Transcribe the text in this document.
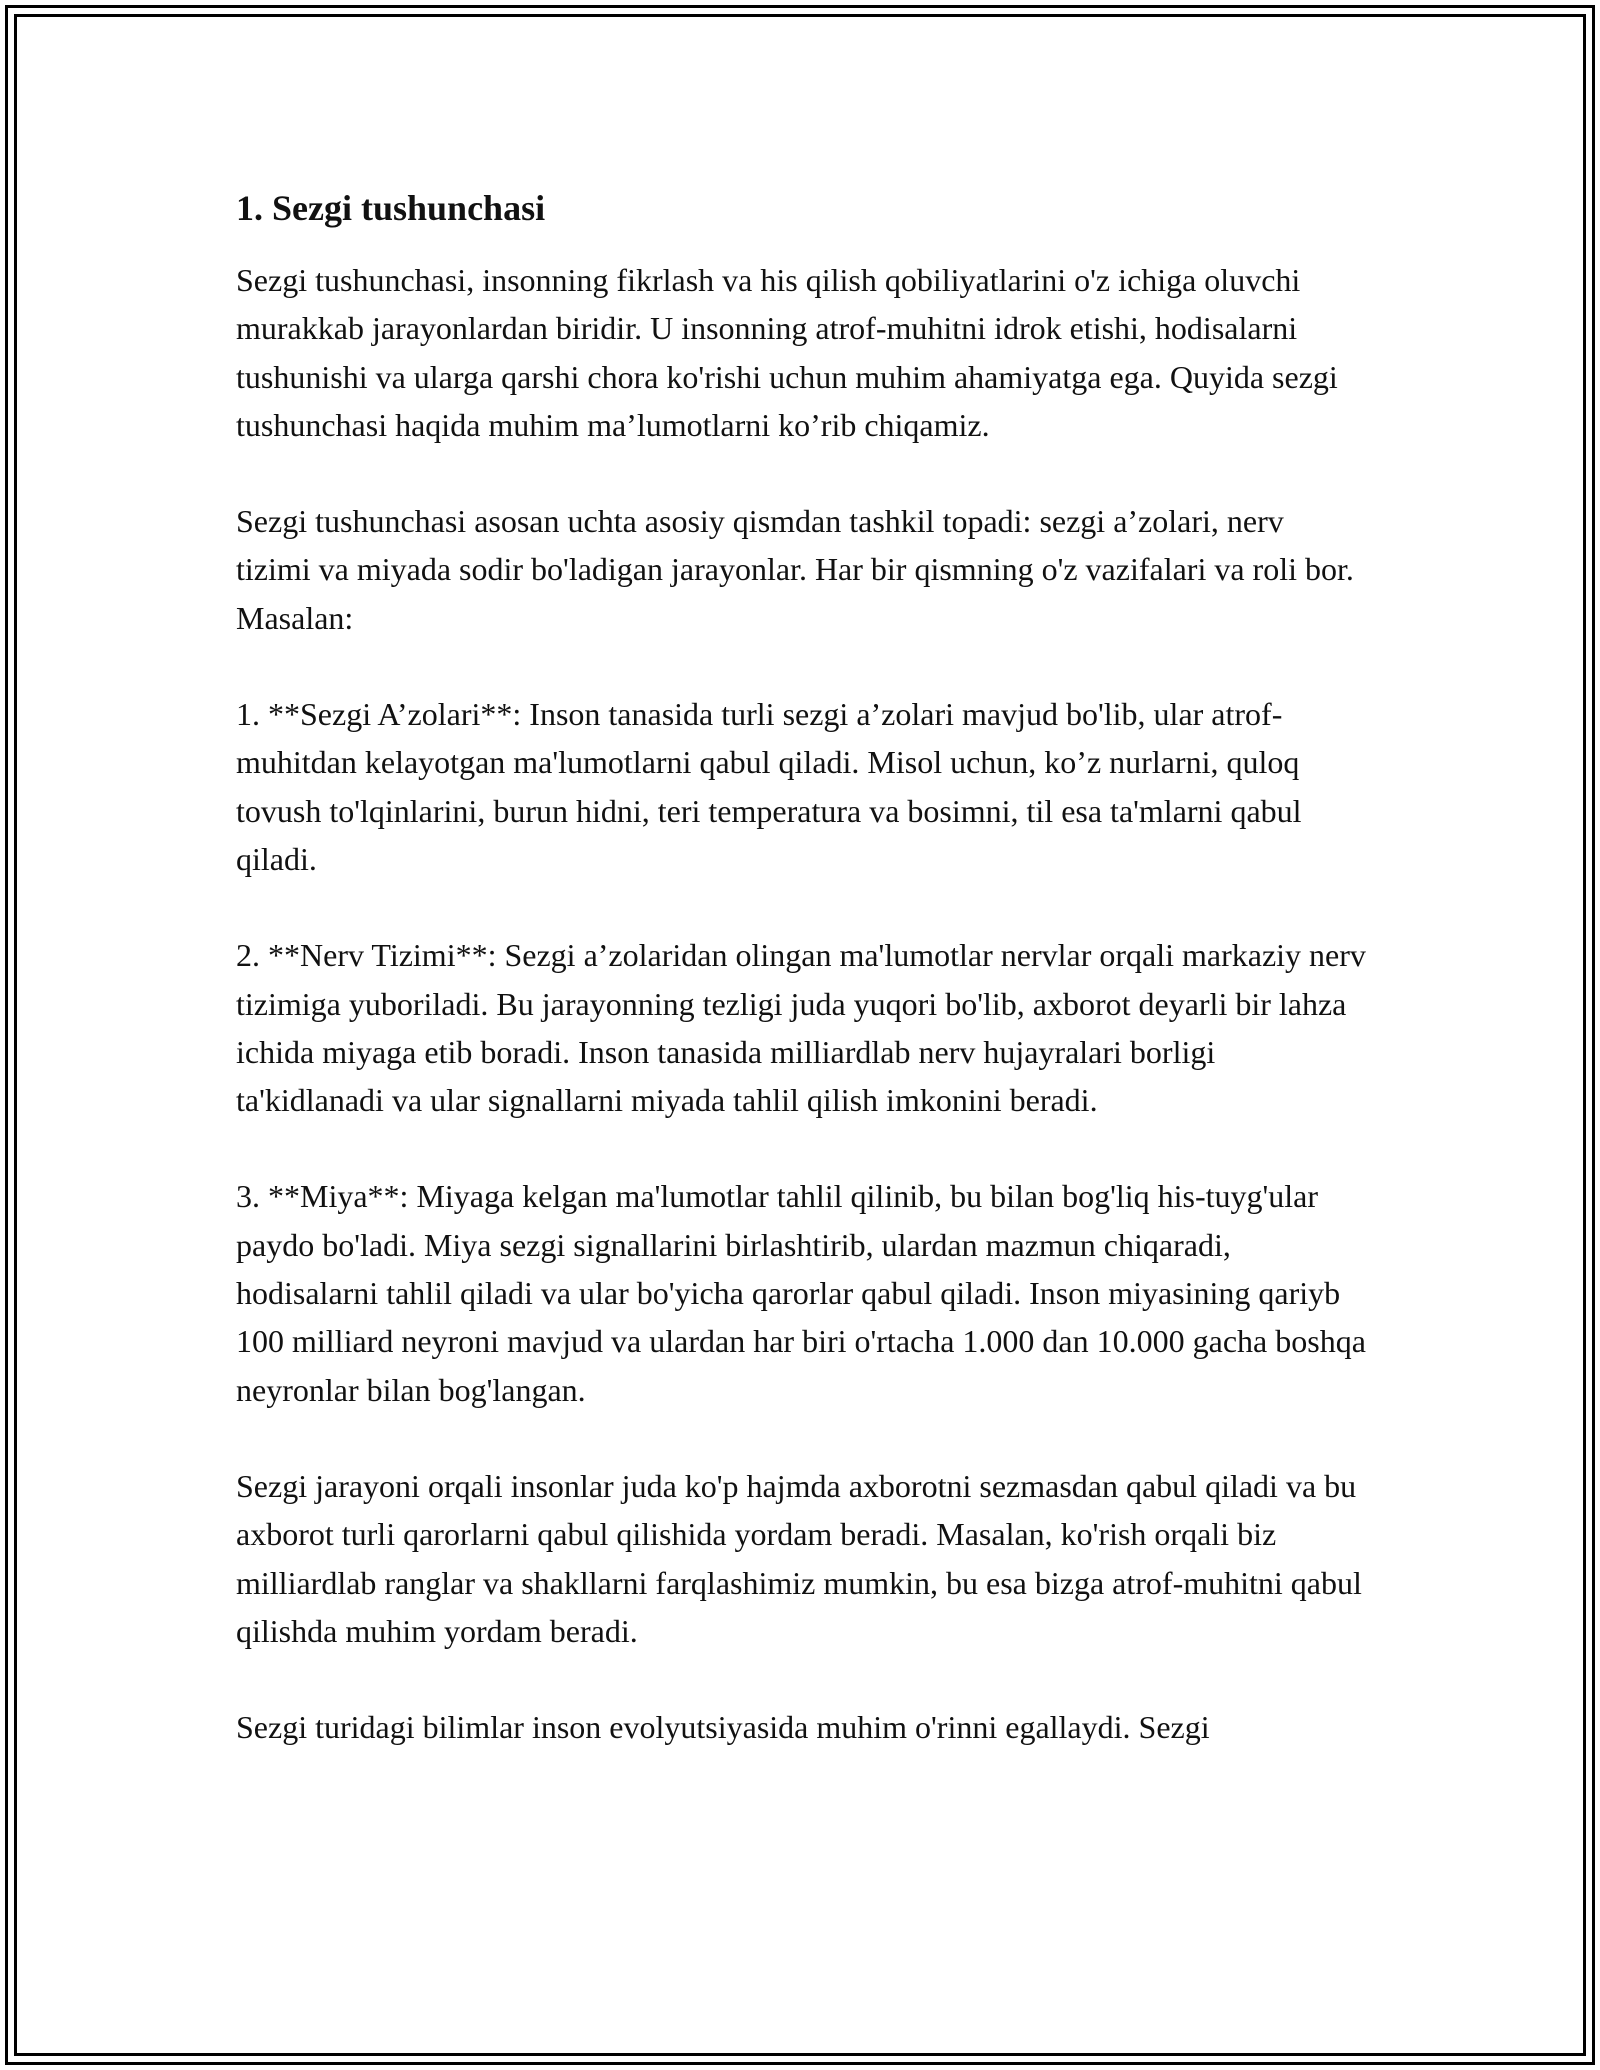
1. Sezgi tushunchasi

Sezgi tushunchasi, insonning fikrlash va his qilish qobiliyatlarini o'z ichiga oluvchi murakkab jarayonlardan biridir. U insonning atrof-muhitni idrok etishi, hodisalarni tushunishi va ularga qarshi chora ko'rishi uchun muhim ahamiyatga ega. Quyida sezgi tushunchasi haqida muhim ma’lumotlarni ko’rib chiqamiz.

Sezgi tushunchasi asosan uchta asosiy qismdan tashkil topadi: sezgi a’zolari, nerv tizimi va miyada sodir bo'ladigan jarayonlar. Har bir qismning o'z vazifalari va roli bor. Masalan:

1. **Sezgi A’zolari**: Inson tanasida turli sezgi a’zolari mavjud bo'lib, ular atrof-muhitdan kelayotgan ma'lumotlarni qabul qiladi. Misol uchun, ko’z nurlarni, quloq tovush to'lqinlarini, burun hidni, teri temperatura va bosimni, til esa ta'mlarni qabul qiladi.

2. **Nerv Tizimi**: Sezgi a’zolaridan olingan ma'lumotlar nervlar orqali markaziy nerv tizimiga yuboriladi. Bu jarayonning tezligi juda yuqori bo'lib, axborot deyarli bir lahza ichida miyaga etib boradi. Inson tanasida milliardlab nerv hujayralari borligi ta'kidlanadi va ular signallarni miyada tahlil qilish imkonini beradi.

3. **Miya**: Miyaga kelgan ma'lumotlar tahlil qilinib, bu bilan bog'liq his-tuyg'ular paydo bo'ladi. Miya sezgi signallarini birlashtirib, ulardan mazmun chiqaradi, hodisalarni tahlil qiladi va ular bo'yicha qarorlar qabul qiladi. Inson miyasining qariyb 100 milliard neyroni mavjud va ulardan har biri o'rtacha 1.000 dan 10.000 gacha boshqa neyronlar bilan bog'langan.

Sezgi jarayoni orqali insonlar juda ko'p hajmda axborotni sezmasdan qabul qiladi va bu axborot turli qarorlarni qabul qilishida yordam beradi. Masalan, ko'rish orqali biz milliardlab ranglar va shakllarni farqlashimiz mumkin, bu esa bizga atrof-muhitni qabul qilishda muhim yordam beradi.

Sezgi turidagi bilimlar inson evolyutsiyasida muhim o'rinni egallaydi. Sezgi
